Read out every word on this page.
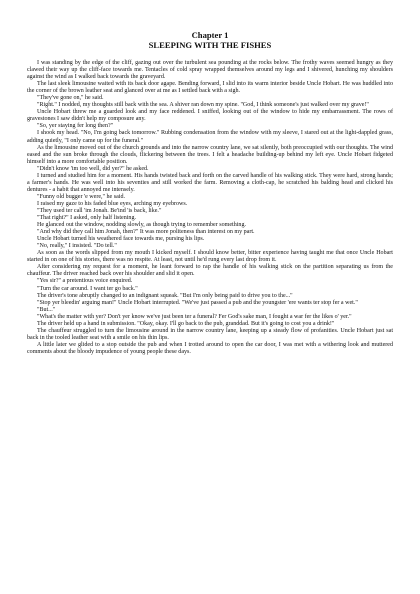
Chapter 1
SLEEPING WITH THE FISHES

I was standing by the edge of the cliff, gazing out over the turbulent sea pounding at the rocks below. The frothy waves seemed hungry as they clawed their way up the cliff-face towards me. Tentacles of cold spray wrapped themselves around my legs and I shivered, hunching my shoulders against the wind as I walked back towards the graveyard.

The last sleek limousine waited with its back door agape. Bending forward, I slid into its warm interior beside Uncle Hobart. He was huddled into the corner of the brown leather seat and glanced over at me as I settled back with a sigh.

"They've gone on," he said.

"Right." I nodded, my thoughts still back with the sea. A shiver ran down my spine. "God, I think someone's just walked over my grave!"

Uncle Hobart threw me a guarded look and my face reddened. I sniffed, looking out of the window to hide my embarrassment. The rows of gravestones I saw didn't help my composure any.

"So, yer staying fer long then?"

I shook my head. "No, I'm going back tomorrow." Rubbing condensation from the window with my sleeve, I stared out at the light-dappled grass, adding quietly, "I only came up for the funeral."

As the limousine moved out of the church grounds and into the narrow country lane, we sat silently, both preoccupied with our thoughts. The wind eased and the sun broke through the clouds, flickering between the trees. I felt a headache building-up behind my left eye. Uncle Hobart fidgeted himself into a more comfortable position.

"Didn't know 'im too well, did yer?" he asked.

I turned and studied him for a moment. His hands twisted back and forth on the carved handle of his walking stick. They were hard, strong hands; a farmer's hands. He was well into his seventies and still worked the farm. Removing a cloth-cap, he scratched his balding head and clicked his dentures - a habit that annoyed me intensely.

"Funny old bugger 'e were," he said.

I raised my gaze to his faded blue eyes, arching my eyebrows.

"They used ter call 'im Jonah. Be'ind 'is back, like."

"That right?" I asked, only half listening.

He glanced out the window, nodding slowly, as though trying to remember something.

"And why did they call him Jonah, then?" It was more politeness than interest on my part.

Uncle Hobart turned his weathered face towards me, pursing his lips.

"No, really," I insisted. "Do tell."

As soon as the words slipped from my mouth I kicked myself. I should know better, bitter experience having taught me that once Uncle Hobart started in on one of his stories, there was no respite. At least, not until he'd rung every last drop from it.

After considering my request for a moment, he leant forward to rap the handle of his walking stick on the partition separating us from the chauffeur. The driver reached back over his shoulder and slid it open.

"Yes sir?" a pretentious voice enquired.

"Turn the car around. I want ter go back."

The driver's tone abruptly changed to an indignant squeak. "But I'm only being paid to drive you to the..."

"Stop yer bleedin' arguing man!" Uncle Hobart interrupted. "We've just passed a pub and the youngster 'ere wants ter stop fer a wet."

"But..."

"What's the matter with yer? Don't yer know we've just been ter a funeral? Fer God's sake man, I fought a war fer the likes o' yer."

The driver held up a hand in submission. "Okay, okay. I'll go back to the pub, granddad. But it's going to cost you a drink!"

The chauffeur struggled to turn the limousine around in the narrow country lane, keeping up a steady flow of profanities. Uncle Hobart just sat back in the tooled leather seat with a smile on his thin lips.

A little later we glided to a stop outside the pub and when I trotted around to open the car door, I was met with a withering look and muttered comments about the bloody impudence of young people these days.
